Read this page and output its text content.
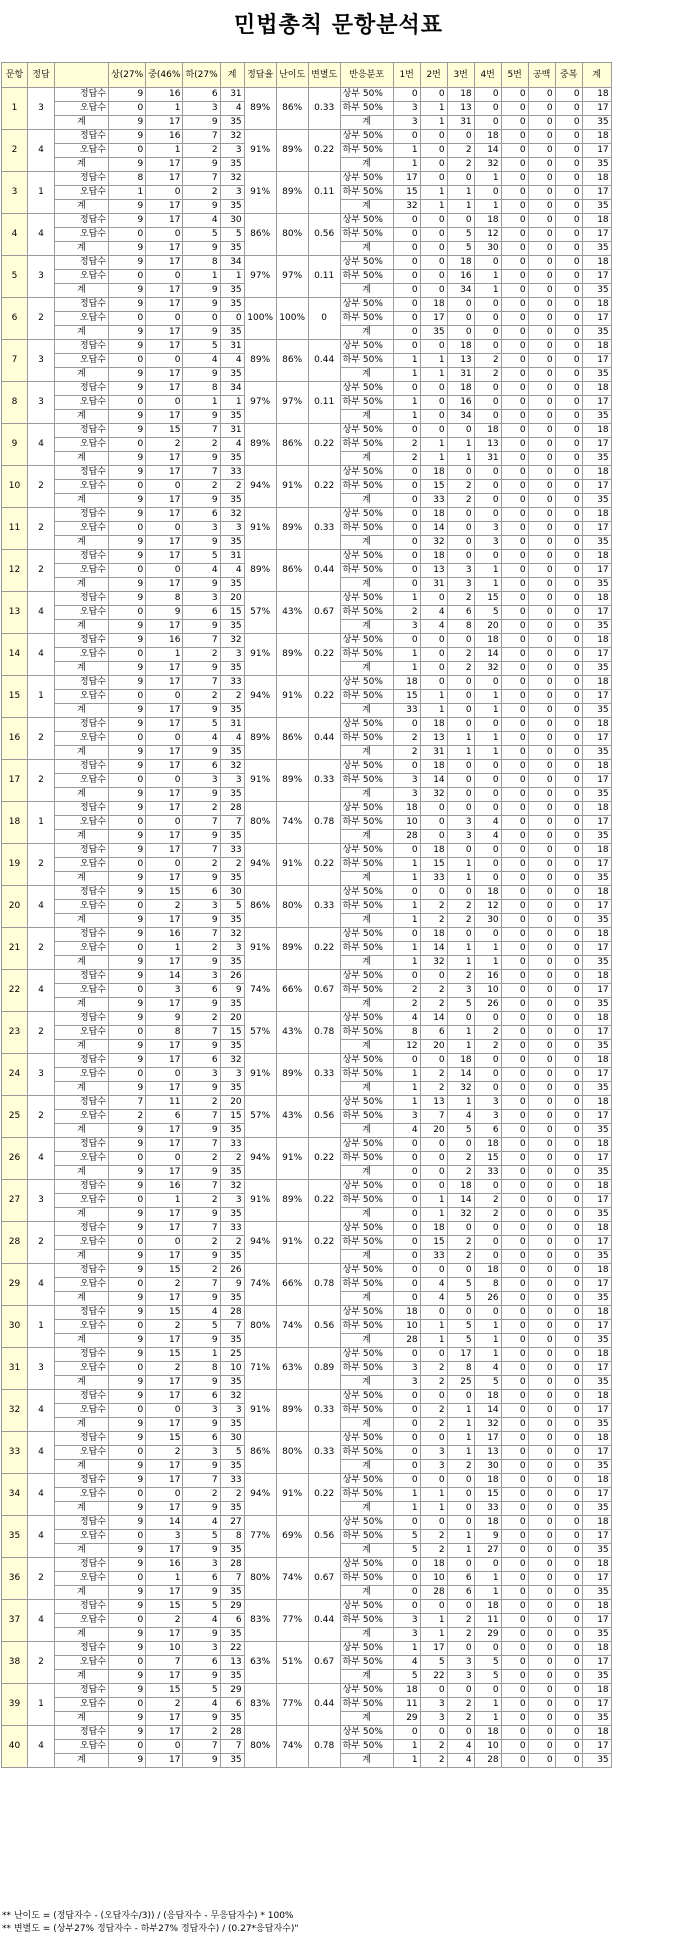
민법총칙 문항분석표
문항	정답		상(27%	중(46%	하(27%	계	정답율	난이도	변별도	반응분포	1번	2번	3번	4번	5번	공백	중복	계
1	3	정답수	9	16	6	31	89%	86%	0.33	상부 50%	0	0	18	0	0	0	0	18
		오답수	0	1	3	4				하부 50%	3	1	13	0	0	0	0	17
		계	9	17	9	35				계	3	1	31	0	0	0	0	35
2	4	정답수	9	16	7	32	91%	89%	0.22	상부 50%	0	0	0	18	0	0	0	18
		오답수	0	1	2	3				하부 50%	1	0	2	14	0	0	0	17
		계	9	17	9	35				계	1	0	2	32	0	0	0	35
3	1	정답수	8	17	7	32	91%	89%	0.11	상부 50%	17	0	0	1	0	0	0	18
		오답수	1	0	2	3				하부 50%	15	1	1	0	0	0	0	17
		계	9	17	9	35				계	32	1	1	1	0	0	0	35
4	4	정답수	9	17	4	30	86%	80%	0.56	상부 50%	0	0	0	18	0	0	0	18
		오답수	0	0	5	5				하부 50%	0	0	5	12	0	0	0	17
		계	9	17	9	35				계	0	0	5	30	0	0	0	35
5	3	정답수	9	17	8	34	97%	97%	0.11	상부 50%	0	0	18	0	0	0	0	18
		오답수	0	0	1	1				하부 50%	0	0	16	1	0	0	0	17
		계	9	17	9	35				계	0	0	34	1	0	0	0	35
6	2	정답수	9	17	9	35	100%	100%	0	상부 50%	0	18	0	0	0	0	0	18
		오답수	0	0	0	0				하부 50%	0	17	0	0	0	0	0	17
		계	9	17	9	35				계	0	35	0	0	0	0	0	35
7	3	정답수	9	17	5	31	89%	86%	0.44	상부 50%	0	0	18	0	0	0	0	18
		오답수	0	0	4	4				하부 50%	1	1	13	2	0	0	0	17
		계	9	17	9	35				계	1	1	31	2	0	0	0	35
8	3	정답수	9	17	8	34	97%	97%	0.11	상부 50%	0	0	18	0	0	0	0	18
		오답수	0	0	1	1				하부 50%	1	0	16	0	0	0	0	17
		계	9	17	9	35				계	1	0	34	0	0	0	0	35
9	4	정답수	9	15	7	31	89%	86%	0.22	상부 50%	0	0	0	18	0	0	0	18
		오답수	0	2	2	4				하부 50%	2	1	1	13	0	0	0	17
		계	9	17	9	35				계	2	1	1	31	0	0	0	35
10	2	정답수	9	17	7	33	94%	91%	0.22	상부 50%	0	18	0	0	0	0	0	18
		오답수	0	0	2	2				하부 50%	0	15	2	0	0	0	0	17
		계	9	17	9	35				계	0	33	2	0	0	0	0	35
11	2	정답수	9	17	6	32	91%	89%	0.33	상부 50%	0	18	0	0	0	0	0	18
		오답수	0	0	3	3				하부 50%	0	14	0	3	0	0	0	17
		계	9	17	9	35				계	0	32	0	3	0	0	0	35
12	2	정답수	9	17	5	31	89%	86%	0.44	상부 50%	0	18	0	0	0	0	0	18
		오답수	0	0	4	4				하부 50%	0	13	3	1	0	0	0	17
		계	9	17	9	35				계	0	31	3	1	0	0	0	35
13	4	정답수	9	8	3	20	57%	43%	0.67	상부 50%	1	0	2	15	0	0	0	18
		오답수	0	9	6	15				하부 50%	2	4	6	5	0	0	0	17
		계	9	17	9	35				계	3	4	8	20	0	0	0	35
14	4	정답수	9	16	7	32	91%	89%	0.22	상부 50%	0	0	0	18	0	0	0	18
		오답수	0	1	2	3				하부 50%	1	0	2	14	0	0	0	17
		계	9	17	9	35				계	1	0	2	32	0	0	0	35
15	1	정답수	9	17	7	33	94%	91%	0.22	상부 50%	18	0	0	0	0	0	0	18
		오답수	0	0	2	2				하부 50%	15	1	0	1	0	0	0	17
		계	9	17	9	35				계	33	1	0	1	0	0	0	35
16	2	정답수	9	17	5	31	89%	86%	0.44	상부 50%	0	18	0	0	0	0	0	18
		오답수	0	0	4	4				하부 50%	2	13	1	1	0	0	0	17
		계	9	17	9	35				계	2	31	1	1	0	0	0	35
17	2	정답수	9	17	6	32	91%	89%	0.33	상부 50%	0	18	0	0	0	0	0	18
		오답수	0	0	3	3				하부 50%	3	14	0	0	0	0	0	17
		계	9	17	9	35				계	3	32	0	0	0	0	0	35
18	1	정답수	9	17	2	28	80%	74%	0.78	상부 50%	18	0	0	0	0	0	0	18
		오답수	0	0	7	7				하부 50%	10	0	3	4	0	0	0	17
		계	9	17	9	35				계	28	0	3	4	0	0	0	35
19	2	정답수	9	17	7	33	94%	91%	0.22	상부 50%	0	18	0	0	0	0	0	18
		오답수	0	0	2	2				하부 50%	1	15	1	0	0	0	0	17
		계	9	17	9	35				계	1	33	1	0	0	0	0	35
20	4	정답수	9	15	6	30	86%	80%	0.33	상부 50%	0	0	0	18	0	0	0	18
		오답수	0	2	3	5				하부 50%	1	2	2	12	0	0	0	17
		계	9	17	9	35				계	1	2	2	30	0	0	0	35
21	2	정답수	9	16	7	32	91%	89%	0.22	상부 50%	0	18	0	0	0	0	0	18
		오답수	0	1	2	3				하부 50%	1	14	1	1	0	0	0	17
		계	9	17	9	35				계	1	32	1	1	0	0	0	35
22	4	정답수	9	14	3	26	74%	66%	0.67	상부 50%	0	0	2	16	0	0	0	18
		오답수	0	3	6	9				하부 50%	2	2	3	10	0	0	0	17
		계	9	17	9	35				계	2	2	5	26	0	0	0	35
23	2	정답수	9	9	2	20	57%	43%	0.78	상부 50%	4	14	0	0	0	0	0	18
		오답수	0	8	7	15				하부 50%	8	6	1	2	0	0	0	17
		계	9	17	9	35				계	12	20	1	2	0	0	0	35
24	3	정답수	9	17	6	32	91%	89%	0.33	상부 50%	0	0	18	0	0	0	0	18
		오답수	0	0	3	3				하부 50%	1	2	14	0	0	0	0	17
		계	9	17	9	35				계	1	2	32	0	0	0	0	35
25	2	정답수	7	11	2	20	57%	43%	0.56	상부 50%	1	13	1	3	0	0	0	18
		오답수	2	6	7	15				하부 50%	3	7	4	3	0	0	0	17
		계	9	17	9	35				계	4	20	5	6	0	0	0	35
26	4	정답수	9	17	7	33	94%	91%	0.22	상부 50%	0	0	0	18	0	0	0	18
		오답수	0	0	2	2				하부 50%	0	0	2	15	0	0	0	17
		계	9	17	9	35				계	0	0	2	33	0	0	0	35
27	3	정답수	9	16	7	32	91%	89%	0.22	상부 50%	0	0	18	0	0	0	0	18
		오답수	0	1	2	3				하부 50%	0	1	14	2	0	0	0	17
		계	9	17	9	35				계	0	1	32	2	0	0	0	35
28	2	정답수	9	17	7	33	94%	91%	0.22	상부 50%	0	18	0	0	0	0	0	18
		오답수	0	0	2	2				하부 50%	0	15	2	0	0	0	0	17
		계	9	17	9	35				계	0	33	2	0	0	0	0	35
29	4	정답수	9	15	2	26	74%	66%	0.78	상부 50%	0	0	0	18	0	0	0	18
		오답수	0	2	7	9				하부 50%	0	4	5	8	0	0	0	17
		계	9	17	9	35				계	0	4	5	26	0	0	0	35
30	1	정답수	9	15	4	28	80%	74%	0.56	상부 50%	18	0	0	0	0	0	0	18
		오답수	0	2	5	7				하부 50%	10	1	5	1	0	0	0	17
		계	9	17	9	35				계	28	1	5	1	0	0	0	35
31	3	정답수	9	15	1	25	71%	63%	0.89	상부 50%	0	0	17	1	0	0	0	18
		오답수	0	2	8	10				하부 50%	3	2	8	4	0	0	0	17
		계	9	17	9	35				계	3	2	25	5	0	0	0	35
32	4	정답수	9	17	6	32	91%	89%	0.33	상부 50%	0	0	0	18	0	0	0	18
		오답수	0	0	3	3				하부 50%	0	2	1	14	0	0	0	17
		계	9	17	9	35				계	0	2	1	32	0	0	0	35
33	4	정답수	9	15	6	30	86%	80%	0.33	상부 50%	0	0	1	17	0	0	0	18
		오답수	0	2	3	5				하부 50%	0	3	1	13	0	0	0	17
		계	9	17	9	35				계	0	3	2	30	0	0	0	35
34	4	정답수	9	17	7	33	94%	91%	0.22	상부 50%	0	0	0	18	0	0	0	18
		오답수	0	0	2	2				하부 50%	1	1	0	15	0	0	0	17
		계	9	17	9	35				계	1	1	0	33	0	0	0	35
35	4	정답수	9	14	4	27	77%	69%	0.56	상부 50%	0	0	0	18	0	0	0	18
		오답수	0	3	5	8				하부 50%	5	2	1	9	0	0	0	17
		계	9	17	9	35				계	5	2	1	27	0	0	0	35
36	2	정답수	9	16	3	28	80%	74%	0.67	상부 50%	0	18	0	0	0	0	0	18
		오답수	0	1	6	7				하부 50%	0	10	6	1	0	0	0	17
		계	9	17	9	35				계	0	28	6	1	0	0	0	35
37	4	정답수	9	15	5	29	83%	77%	0.44	상부 50%	0	0	0	18	0	0	0	18
		오답수	0	2	4	6				하부 50%	3	1	2	11	0	0	0	17
		계	9	17	9	35				계	3	1	2	29	0	0	0	35
38	2	정답수	9	10	3	22	63%	51%	0.67	상부 50%	1	17	0	0	0	0	0	18
		오답수	0	7	6	13				하부 50%	4	5	3	5	0	0	0	17
		계	9	17	9	35				계	5	22	3	5	0	0	0	35
39	1	정답수	9	15	5	29	83%	77%	0.44	상부 50%	18	0	0	0	0	0	0	18
		오답수	0	2	4	6				하부 50%	11	3	2	1	0	0	0	17
		계	9	17	9	35				계	29	3	2	1	0	0	0	35
40	4	정답수	9	17	2	28	80%	74%	0.78	상부 50%	0	0	0	18	0	0	0	18
		오답수	0	0	7	7				하부 50%	1	2	4	10	0	0	0	17
		계	9	17	9	35				계	1	2	4	28	0	0	0	35
** 난이도 = (정답자수 - (오답자수/3)) / (응답자수 - 무응답자수) * 100%
** 변별도 = (상부27% 정답자수 - 하부27% 정답자수) / (0.27*응답자수)"
